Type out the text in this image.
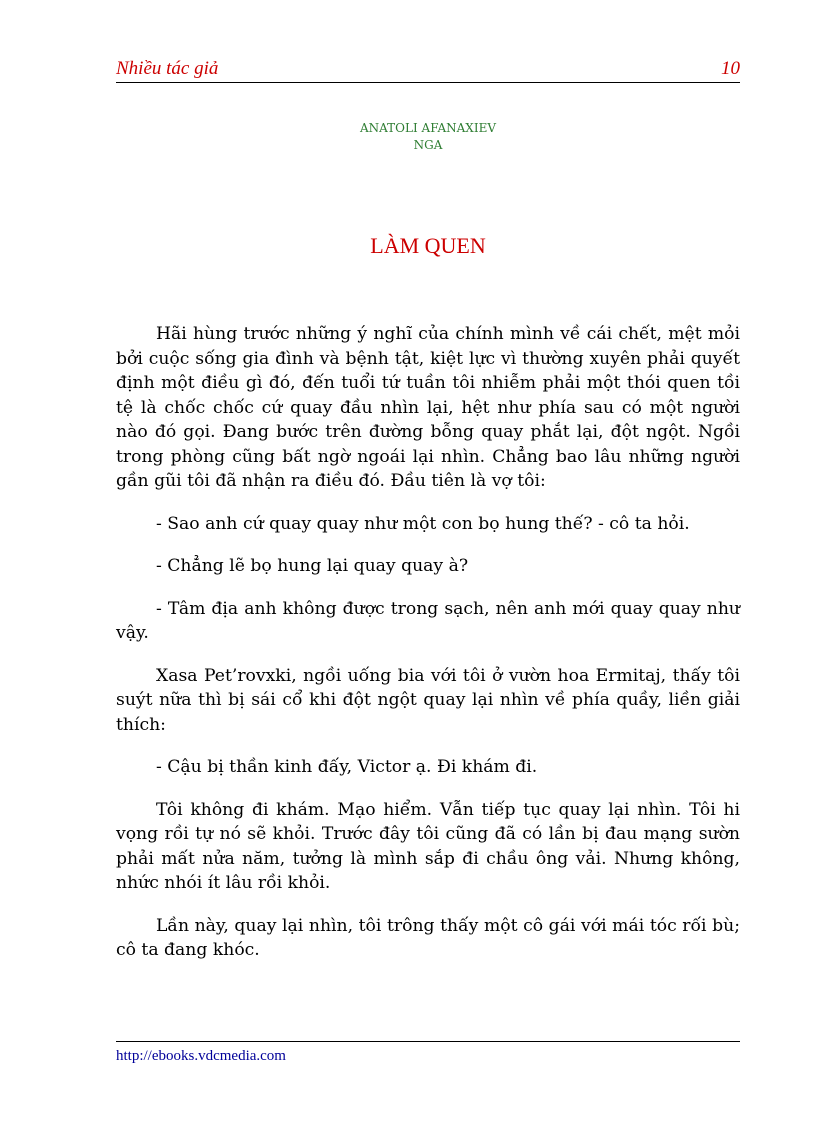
Nhiều tác giả	10
ANATOLI AFANAXIEV
NGA
LÀM QUEN

Hãi hùng trước những ý nghĩ của chính mình về cái chết, mệt mỏi bởi cuộc sống gia đình và bệnh tật, kiệt lực vì thường xuyên phải quyết định một điều gì đó, đến tuổi tứ tuần tôi nhiễm phải một thói quen tồi tệ là chốc chốc cứ quay đầu nhìn lại, hệt như phía sau có một người nào đó gọi. Đang bước trên đường bỗng quay phắt lại, đột ngột. Ngồi trong phòng cũng bất ngờ ngoái lại nhìn. Chẳng bao lâu những người gần gũi tôi đã nhận ra điều đó. Đầu tiên là vợ tôi:

- Sao anh cứ quay quay như một con bọ hung thế? - cô ta hỏi.

- Chẳng lẽ bọ hung lại quay quay à?

- Tâm địa anh không được trong sạch, nên anh mới quay quay như vậy.

Xasa Pet’rovxki, ngồi uống bia với tôi ở vườn hoa Ermitaj, thấy tôi suýt nữa thì bị sái cổ khi đột ngột quay lại nhìn về phía quầy, liền giải thích:

- Cậu bị thần kinh đấy, Victor ạ. Đi khám đi.

Tôi không đi khám. Mạo hiểm. Vẫn tiếp tục quay lại nhìn. Tôi hi vọng rồi tự nó sẽ khỏi. Trước đây tôi cũng đã có lần bị đau mạng sườn phải mất nửa năm, tưởng là mình sắp đi chầu ông vải. Nhưng không, nhức nhói ít lâu rồi khỏi.

Lần này, quay lại nhìn, tôi trông thấy một cô gái với mái tóc rối bù; cô ta đang khóc.

http://ebooks.vdcmedia.com
